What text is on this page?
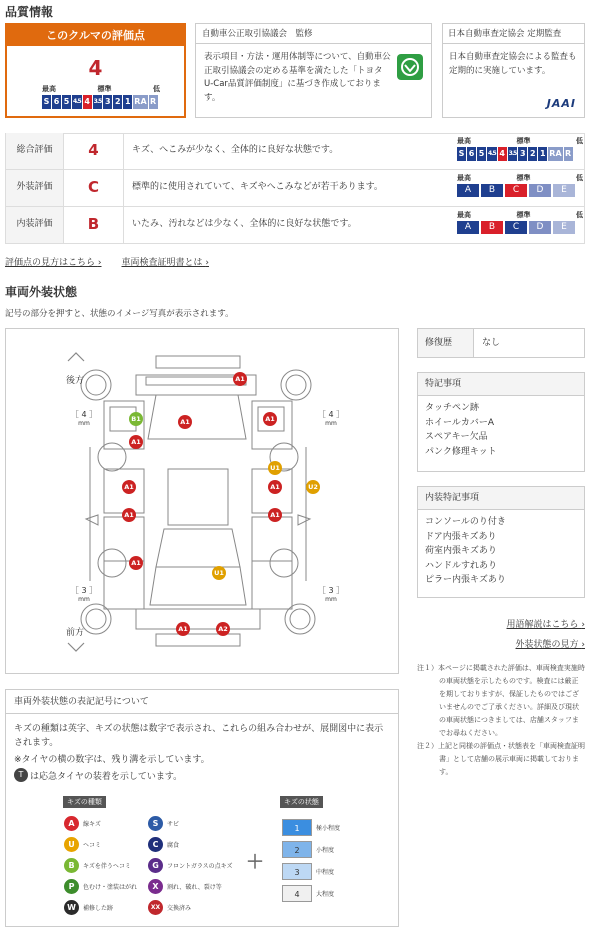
品質情報
このクルマの評価点
4
最高	標準	低
S 6 5 4.5 4 3.5 3 2 1 RA R
自動車公正取引協議会　監修
表示項目・方法・運用体制等について、自動車公正取引協議会の定める基準を満たした「トヨタU-Car品質評価制度」に基づき作成しております。
日本自動車査定協会 定期監査
日本自動車査定協会による監査も定期的に実施しています。
JAAI
総合評価	4	キズ、へこみが少なく、全体的に良好な状態です。
最高	標準	低
S 6 5 4.5 4 3.5 3 2 1 RA R
外装評価	C	標準的に使用されていて、キズやへこみなどが若干あります。
最高	標準	低
A	B	C	D	E
内装評価	B	いたみ、汚れなどは少なく、全体的に良好な状態です。
最高	標準	低
A	B	C	D	E
評価点の見方はこちら › 車両検査証明書とは ›
車両外装状態
記号の部分を押すと、状態のイメージ写真が表示されます。
後方
前方
［ 4 ］
mm
［ 4 ］
mm
［ 3 ］
mm
［ 3 ］
mm
A1
B1	A1	A1
A1
U1
A1	U2
A1
A1	A1
A1
U1
A1	A2
修復歴	なし
特記事項
タッチペン跡
ホイールカバーA
スペアキー欠品
パンク修理キット
内装特記事項
コンソールのり付き
ドア内張キズあり
荷室内張キズあり
ハンドルすれあり
ピラー内張キズあり
用語解説はこちら ›
外装状態の見方 ›
注１）本ページに掲載された評価は、車両検査実施時の車両状態を示したものです。検査には厳正を期しておりますが、保証したものではございませんのでご了承ください。詳細及び現状の車両状態につきましては、店舗スタッフまでお尋ねください。
注２）上記と同様の評価点・状態表を「車両検査証明書」として店舗の展示車両に掲載しております。
車両外装状態の表記記号について
キズの種類は英字、キズの状態は数字で表示され、これらの組み合わせが、展開図中に表示されます。
※タイヤの横の数字は、残り溝を示しています。
T は応急タイヤの装着を示しています。
キズの種類	キズの状態
A	線キズ
U	ヘコミ
B	キズを伴うヘコミ
P	色むけ・塗装はがれ
W	補修した跡
S	サビ
C	腐食
G	フロントガラスの点キズ
X	割れ、破れ、裂け等
XX	交換済み
＋
1	極小程度
2	小程度
3	中程度
4	大程度
